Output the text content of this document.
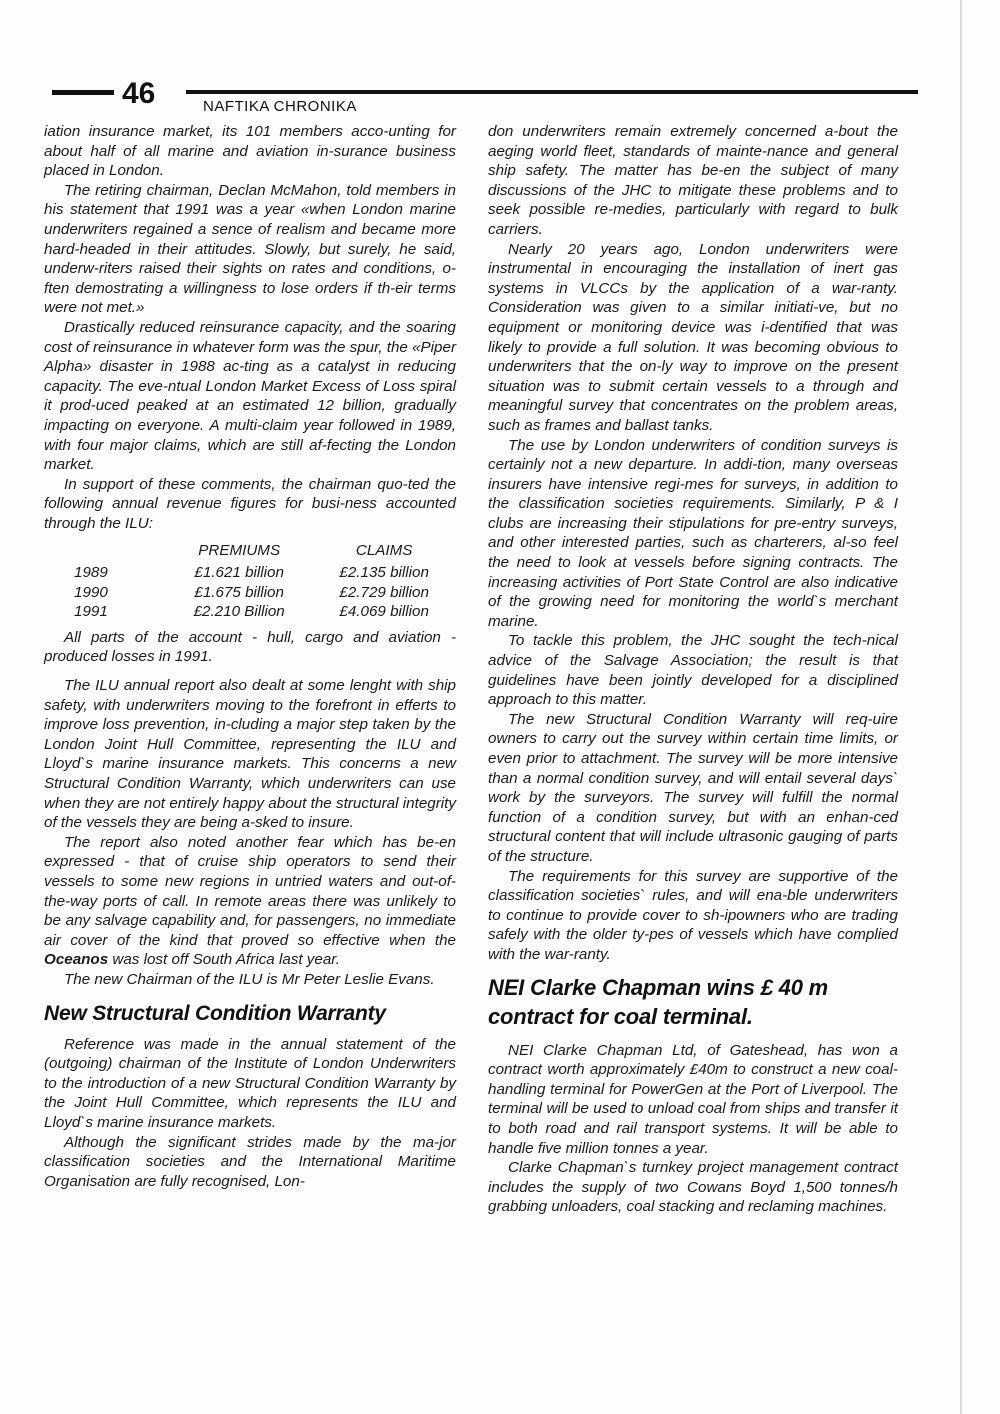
46	NAFTIKA CHRONIKA

iation insurance market, its 101 members acco-unting for about half of all marine and aviation in-surance business placed in London.

The retiring chairman, Declan McMahon, told members in his statement that 1991 was a year «when London marine underwriters regained a sence of realism and became more hard-headed in their attitudes. Slowly, but surely, he said, underw-riters raised their sights on rates and conditions, o-ften demostrating a willingness to lose orders if th-eir terms were not met.»

Drastically reduced reinsurance capacity, and the soaring cost of reinsurance in whatever form was the spur, the «Piper Alpha» disaster in 1988 ac-ting as a catalyst in reducing capacity. The eve-ntual London Market Excess of Loss spiral it prod-uced peaked at an estimated 12 billion, gradually impacting on everyone. A multi-claim year followed in 1989, with four major claims, which are still af-fecting the London market.

In support of these comments, the chairman quo-ted the following annual revenue figures for busi-ness accounted through the ILU:

	PREMIUMS	CLAIMS
1989	£1.621 billion	£2.135 billion
1990	£1.675 billion	£2.729 billion
1991	£2.210 Billion	£4.069 billion

All parts of the account - hull, cargo and aviation - produced losses in 1991.

The ILU annual report also dealt at some lenght with ship safety, with underwriters moving to the forefront in efferts to improve loss prevention, in-cluding a major step taken by the London Joint Hull Committee, representing the ILU and Lloyd`s marine insurance markets. This concerns a new Structural Condition Warranty, which underwriters can use when they are not entirely happy about the structural integrity of the vessels they are being a-sked to insure.

The report also noted another fear which has be-en expressed - that of cruise ship operators to send their vessels to some new regions in untried waters and out-of-the-way ports of call. In remote areas there was unlikely to be any salvage capability and, for passengers, no immediate air cover of the kind that proved so effective when the Oceanos was lost off South Africa last year.

The new Chairman of the ILU is Mr Peter Leslie Evans.

New Structural Condition Warranty

Reference was made in the annual statement of the (outgoing) chairman of the Institute of London Underwriters to the introduction of a new Structural Condition Warranty by the Joint Hull Committee, which represents the ILU and Lloyd`s marine insurance markets.

Although the significant strides made by the ma-jor classification societies and the International Maritime Organisation are fully recognised, Lon-

don underwriters remain extremely concerned a-bout the aeging world fleet, standards of mainte-nance and general ship safety. The matter has be-en the subject of many discussions of the JHC to mitigate these problems and to seek possible re-medies, particularly with regard to bulk carriers.

Nearly 20 years ago, London underwriters were instrumental in encouraging the installation of inert gas systems in VLCCs by the application of a war-ranty. Consideration was given to a similar initiati-ve, but no equipment or monitoring device was i-dentified that was likely to provide a full solution. It was becoming obvious to underwriters that the on-ly way to improve on the present situation was to submit certain vessels to a through and meaningful survey that concentrates on the problem areas, such as frames and ballast tanks.

The use by London underwriters of condition surveys is certainly not a new departure. In addi-tion, many overseas insurers have intensive regi-mes for surveys, in addition to the classification societies requirements. Similarly, P & I clubs are increasing their stipulations for pre-entry surveys, and other interested parties, such as charterers, al-so feel the need to look at vessels before signing contracts. The increasing activities of Port State Control are also indicative of the growing need for monitoring the world`s merchant marine.

To tackle this problem, the JHC sought the tech-nical advice of the Salvage Association; the result is that guidelines have been jointly developed for a disciplined approach to this matter.

The new Structural Condition Warranty will req-uire owners to carry out the survey within certain time limits, or even prior to attachment. The survey will be more intensive than a normal condition survey, and will entail several days` work by the surveyors. The survey will fulfill the normal function of a condition survey, but with an enhan-ced structural content that will include ultrasonic gauging of parts of the structure.

The requirements for this survey are supportive of the classification societies` rules, and will ena-ble underwriters to continue to provide cover to sh-ipowners who are trading safely with the older ty-pes of vessels which have complied with the war-ranty.

NEI Clarke Chapman wins £ 40 m contract for coal terminal.

NEI Clarke Chapman Ltd, of Gateshead, has won a contract worth approximately £40m to construct a new coal-handling terminal for PowerGen at the Port of Liverpool. The terminal will be used to unload coal from ships and transfer it to both road and rail transport systems. It will be able to handle five million tonnes a year.

Clarke Chapman`s turnkey project management contract includes the supply of two Cowans Boyd 1,500 tonnes/h grabbing unloaders, coal stacking and reclaming machines.
